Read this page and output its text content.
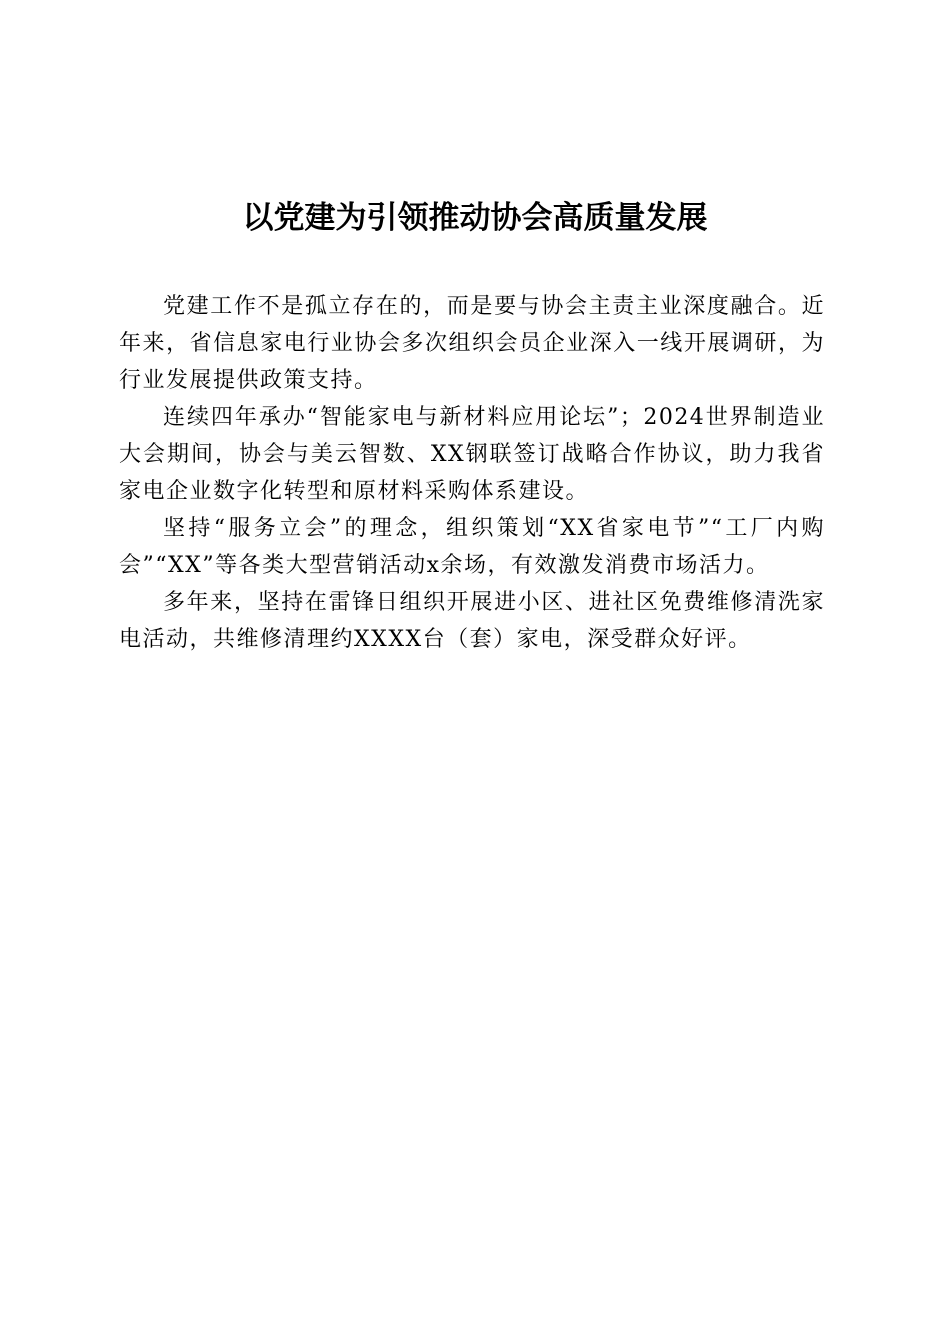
以党建为引领推动协会高质量发展

党建工作不是孤立存在的，而是要与协会主责主业深度融合。近年来，省信息家电行业协会多次组织会员企业深入一线开展调研，为行业发展提供政策支持。

连续四年承办“智能家电与新材料应用论坛”；2024世界制造业大会期间，协会与美云智数、XX钢联签订战略合作协议，助力我省家电企业数字化转型和原材料采购体系建设。

坚持“服务立会”的理念，组织策划“XX省家电节”“工厂内购会”“XX”等各类大型营销活动x余场，有效激发消费市场活力。

多年来，坚持在雷锋日组织开展进小区、进社区免费维修清洗家电活动，共维修清理约XXXX台（套）家电，深受群众好评。
